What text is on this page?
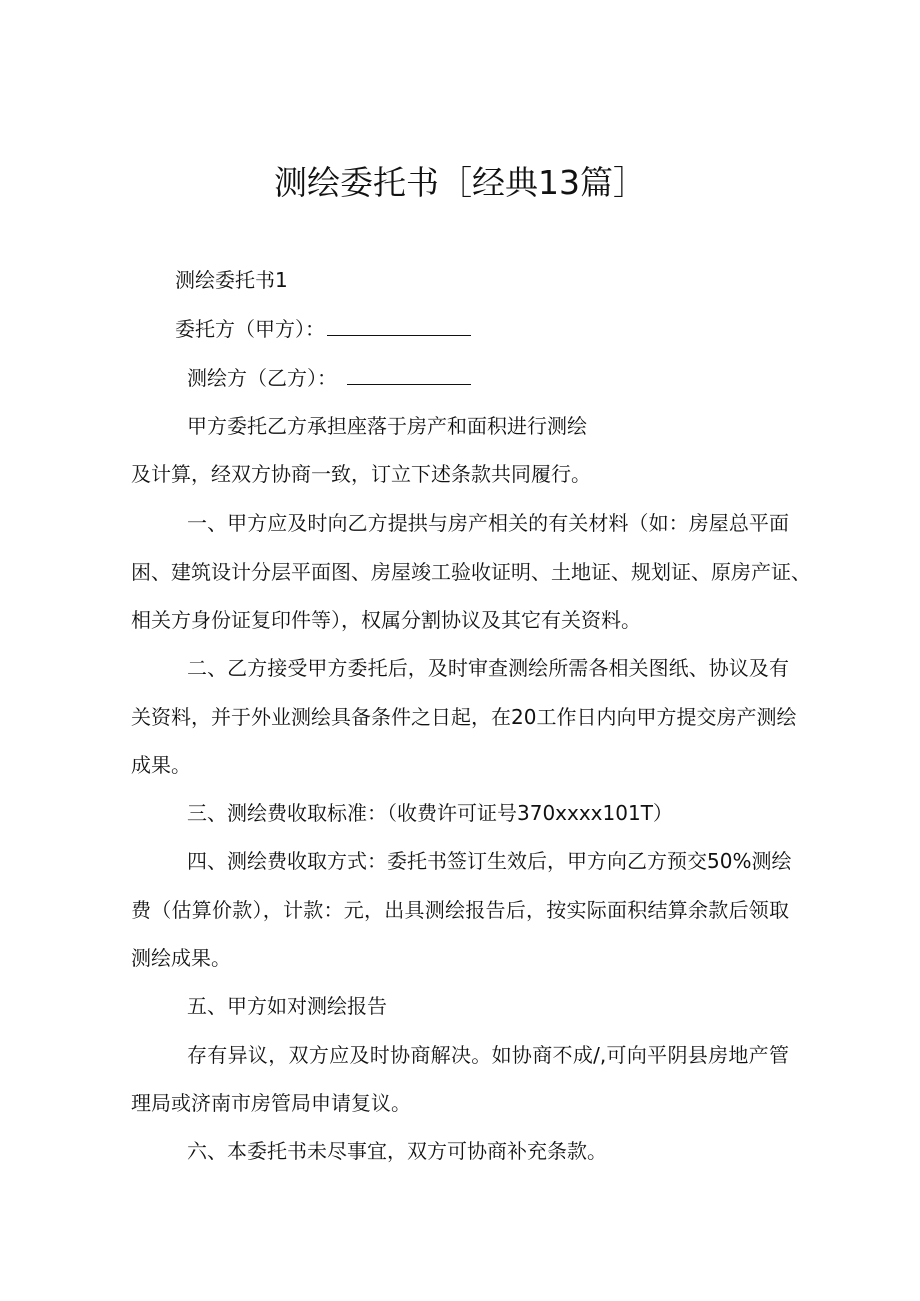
测绘委托书［经典13篇］
测绘委托书1
委托方（甲方）：
测绘方（乙方）：
甲方委托乙方承担座落于房产和面积进行测绘
及计算，经双方协商一致，订立下述条款共同履行。
一、甲方应及时向乙方提拱与房产相关的有关材料（如：房屋总平面
困、建筑设计分层平面图、房屋竣工验收证明、土地证、规划证、原房产证、
相关方身份证复印件等），权属分割协议及其它有关资料。
二、乙方接受甲方委托后，及时审查测绘所需各相关图纸、协议及有
关资料，并于外业测绘具备条件之日起，在20工作日内向甲方提交房产测绘
成果。
三、测绘费收取标准：（收费许可证号370xxxx101T）
四、测绘费收取方式：委托书签订生效后，甲方向乙方预交50%测绘
费（估算价款），计款：元，出具测绘报告后，按实际面积结算余款后领取
测绘成果。
五、甲方如对测绘报告
存有异议，双方应及时协商解决。如协商不成/,可向平阴县房地产管
理局或济南市房管局申请复议。
六、本委托书未尽事宜，双方可协商补充条款。
